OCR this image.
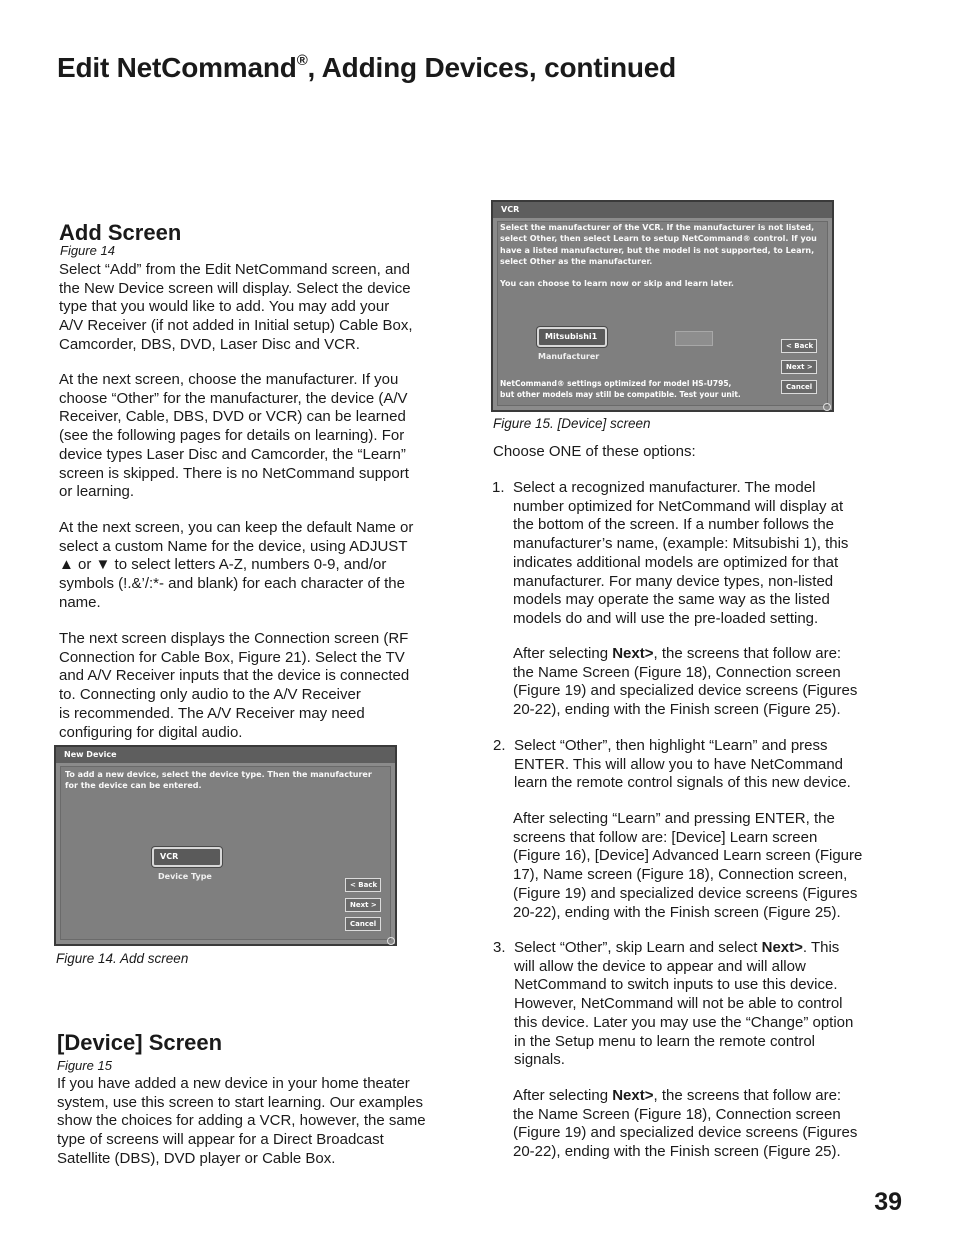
Edit NetCommand®, Adding Devices, continued
Add Screen
Figure 14
Select “Add” from the Edit NetCommand screen, and
the New Device screen will display. Select the device
type that you would like to add. You may add your
A/V Receiver (if not added in Initial setup) Cable Box,
Camcorder, DBS, DVD, Laser Disc and VCR.
At the next screen, choose the manufacturer. If you
choose “Other” for the manufacturer, the device (A/V
Receiver, Cable, DBS, DVD or VCR) can be learned
(see the following pages for details on learning). For
device types Laser Disc and Camcorder, the “Learn”
screen is skipped. There is no NetCommand support
or learning.
At the next screen, you can keep the default Name or
select a custom Name for the device, using ADJUST
▲ or ▼ to select letters A-Z, numbers 0-9, and/or
symbols (!.&’/:*- and blank) for each character of the
name.
The next screen displays the Connection screen (RF
Connection for Cable Box, Figure 21). Select the TV
and A/V Receiver inputs that the device is connected
to. Connecting only audio to the A/V Receiver
is recommended. The A/V Receiver may need
configuring for digital audio.
New Device
To add a new device, select the device type. Then the manufacturer
for the device can be entered.
VCR
Device Type
< Back
Next >
Cancel
Figure 14. Add screen
[Device] Screen
Figure 15
If you have added a new device in your home theater
system, use this screen to start learning. Our examples
show the choices for adding a VCR, however, the same
type of screens will appear for a Direct Broadcast
Satellite (DBS), DVD player or Cable Box.
VCR
Select the manufacturer of the VCR. If the manufacturer is not listed,
select Other, then select Learn to setup NetCommand® control. If you
have a listed manufacturer, but the model is not supported, to Learn,
select Other as the manufacturer.
You can choose to learn now or skip and learn later.
Mitsubishi1
Manufacturer
< Back
Next >
Cancel
NetCommand® settings optimized for model HS-U795,
but other models may still be compatible. Test your unit.
Figure 15. [Device] screen
Choose ONE of these options:
1. Select a recognized manufacturer. The model
number optimized for NetCommand will display at
the bottom of the screen. If a number follows the
manufacturer’s name, (example: Mitsubishi 1), this
indicates additional models are optimized for that
manufacturer. For many device types, non-listed
models may operate the same way as the listed
models do and will use the pre-loaded setting.
After selecting Next>, the screens that follow are:
the Name Screen (Figure 18), Connection screen
(Figure 19) and specialized device screens (Figures
20-22), ending with the Finish screen (Figure 25).
2. Select “Other”, then highlight “Learn” and press
ENTER. This will allow you to have NetCommand
learn the remote control signals of this new device.
After selecting “Learn” and pressing ENTER, the
screens that follow are: [Device] Learn screen
(Figure 16), [Device] Advanced Learn screen (Figure
17), Name screen (Figure 18), Connection screen,
(Figure 19) and specialized device screens (Figures
20-22), ending with the Finish screen (Figure 25).
3. Select “Other”, skip Learn and select Next>. This
will allow the device to appear and will allow
NetCommand to switch inputs to use this device.
However, NetCommand will not be able to control
this device. Later you may use the “Change” option
in the Setup menu to learn the remote control
signals.
After selecting Next>, the screens that follow are:
the Name Screen (Figure 18), Connection screen
(Figure 19) and specialized device screens (Figures
20-22), ending with the Finish screen (Figure 25).
39
